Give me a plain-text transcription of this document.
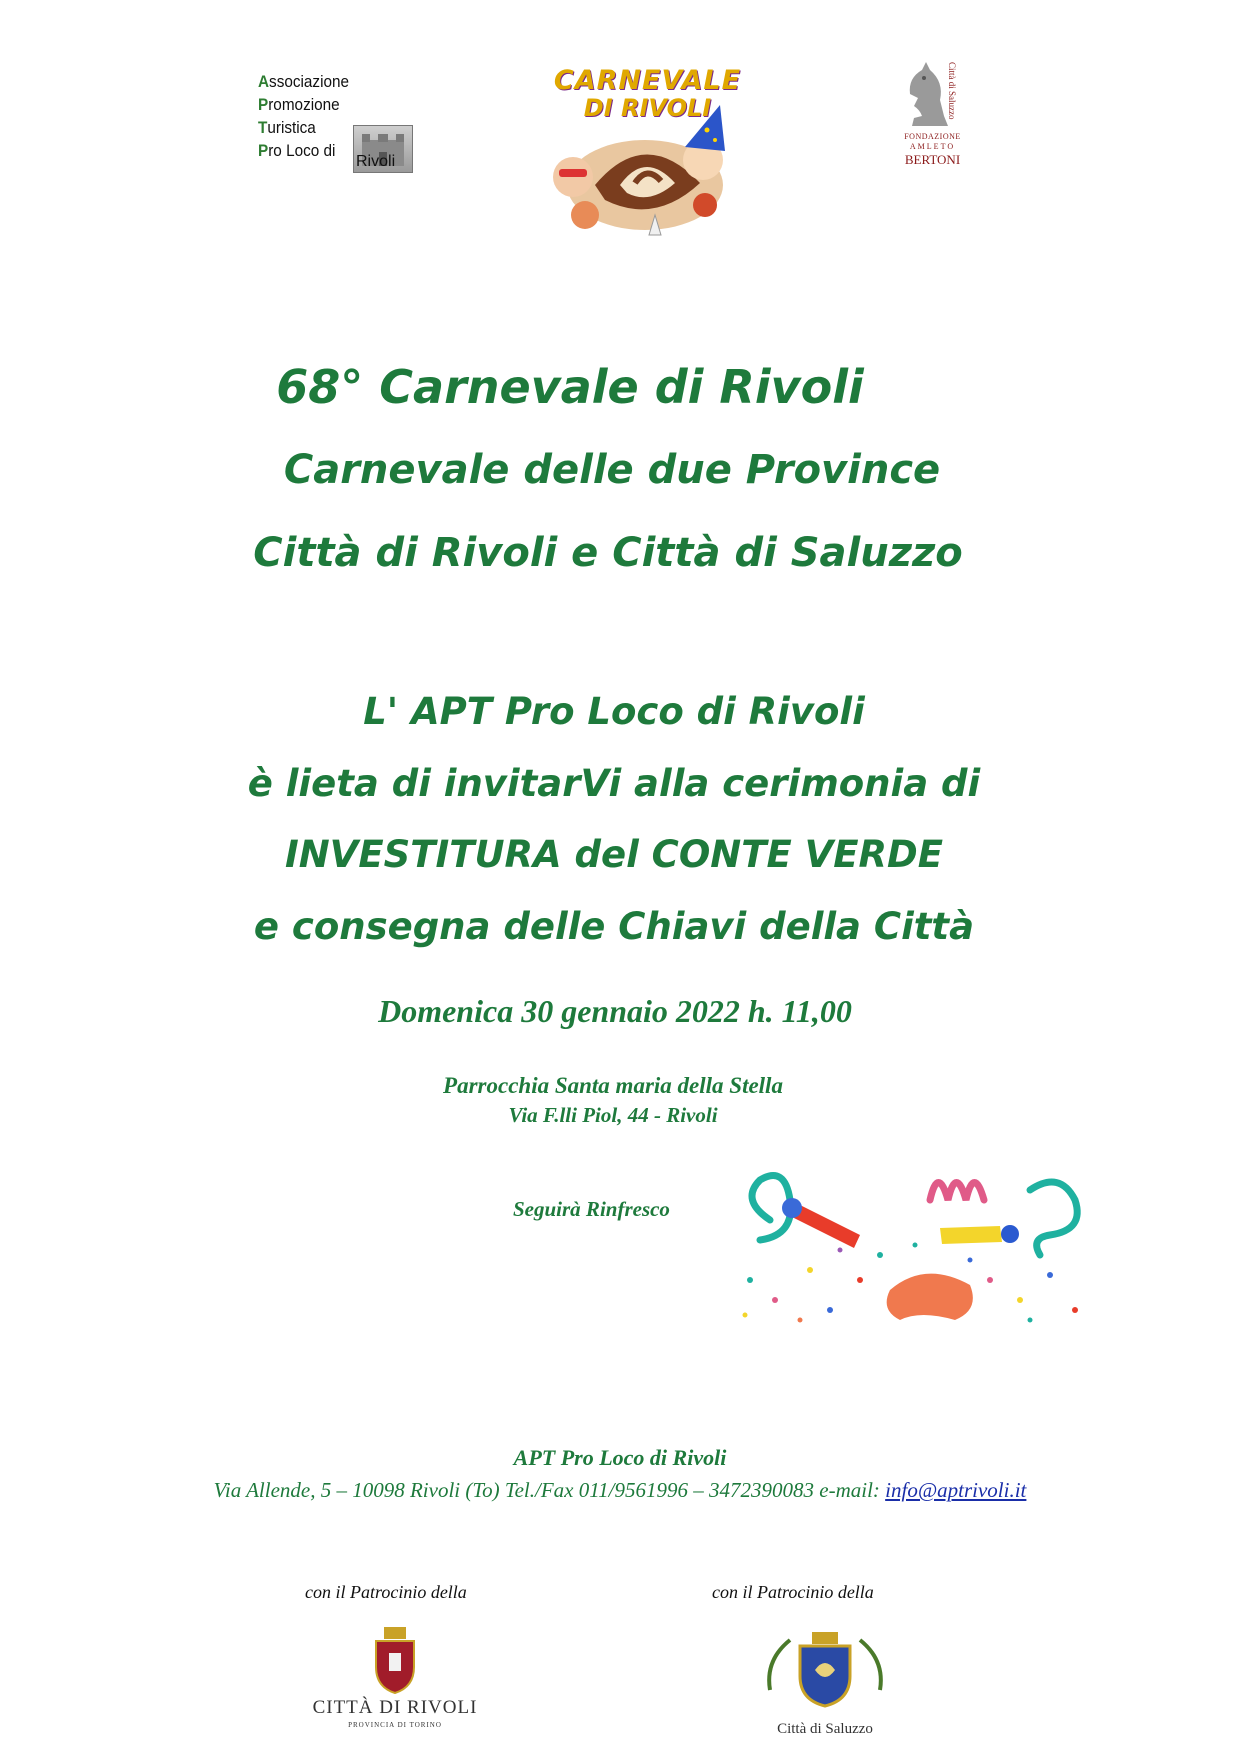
Associazione
Promozione
Turistica
Pro Loco di
Rivoli
CARNEVALE
DI RIVOLI	Città di Saluzzo
FONDAZIONE
AMLETO
BERTONI
68° Carnevale di Rivoli
Carnevale delle due Province
Città di Rivoli e Città di Saluzzo
L' APT Pro Loco di Rivoli
è lieta di invitarVi alla cerimonia di
INVESTITURA del CONTE VERDE
e consegna delle Chiavi della Città
Domenica 30 gennaio 2022 h. 11,00
Parrocchia Santa maria della Stella
Via F.lli Piol, 44 - Rivoli
Seguirà Rinfresco
APT Pro Loco di Rivoli
Via Allende, 5 – 10098 Rivoli (To) Tel./Fax 011/9561996 – 3472390083 e-mail: info@aptrivoli.it
con il Patrocinio della	con il Patrocinio della
CITTÀ DI RIVOLI
PROVINCIA DI TORINO	Città di Saluzzo
